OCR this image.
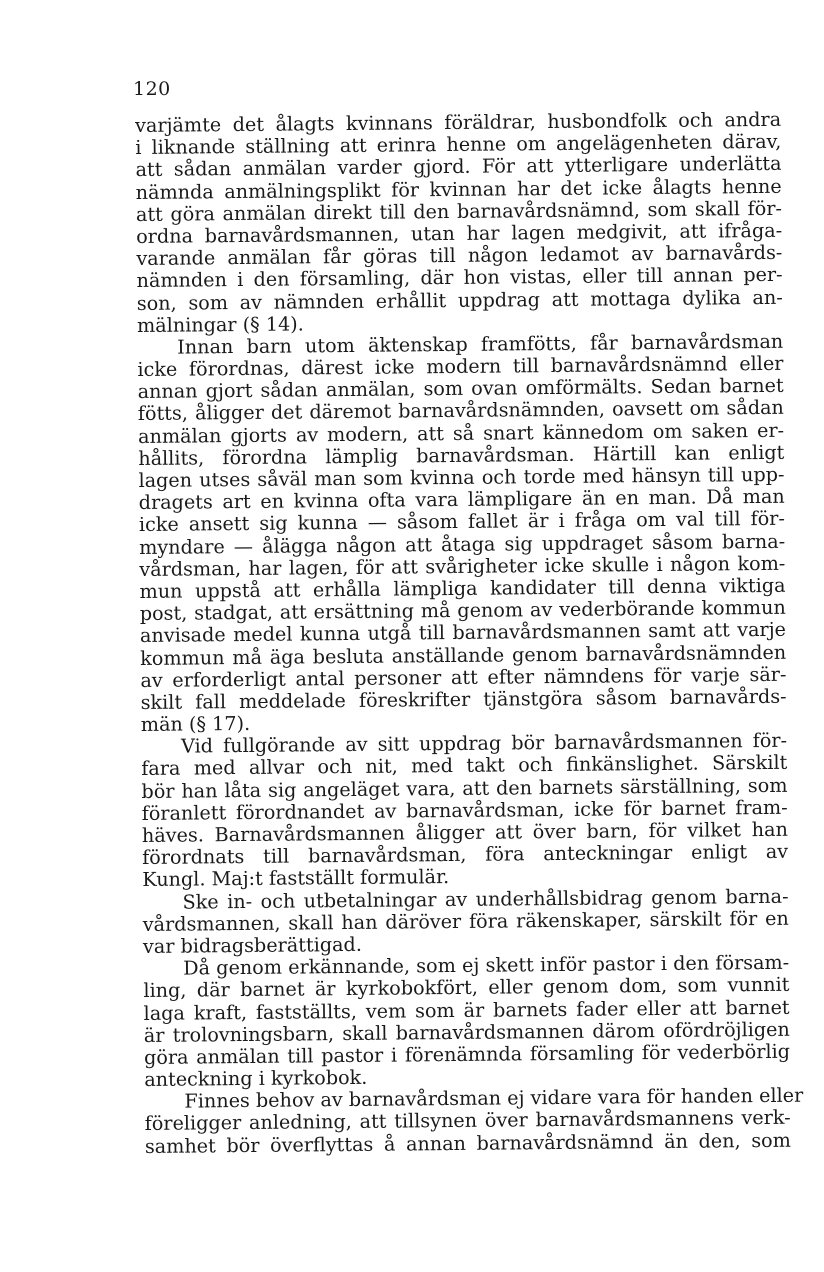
120
varjämte det ålagts kvinnans föräldrar, husbondfolk och andra
i liknande ställning att erinra henne om angelägenheten därav,
att sådan anmälan varder gjord. För att ytterligare underlätta
nämnda anmälningsplikt för kvinnan har det icke ålagts henne
att göra anmälan direkt till den barnavårdsnämnd, som skall för-
ordna barnavårdsmannen, utan har lagen medgivit, att ifråga-
varande anmälan får göras till någon ledamot av barnavårds-
nämnden i den församling, där hon vistas, eller till annan per-
son, som av nämnden erhållit uppdrag att mottaga dylika an-
mälningar (§ 14).
Innan barn utom äktenskap framfötts, får barnavårdsman
icke förordnas, därest icke modern till barnavårdsnämnd eller
annan gjort sådan anmälan, som ovan omförmälts. Sedan barnet
fötts, åligger det däremot barnavårdsnämnden, oavsett om sådan
anmälan gjorts av modern, att så snart kännedom om saken er-
hållits, förordna lämplig barnavårdsman. Härtill kan enligt
lagen utses såväl man som kvinna och torde med hänsyn till upp-
dragets art en kvinna ofta vara lämpligare än en man. Då man
icke ansett sig kunna — såsom fallet är i fråga om val till för-
myndare — ålägga någon att åtaga sig uppdraget såsom barna-
vårdsman, har lagen, för att svårigheter icke skulle i någon kom-
mun uppstå att erhålla lämpliga kandidater till denna viktiga
post, stadgat, att ersättning må genom av vederbörande kommun
anvisade medel kunna utgå till barnavårdsmannen samt att varje
kommun må äga besluta anställande genom barnavårdsnämnden
av erforderligt antal personer att efter nämndens för varje sär-
skilt fall meddelade föreskrifter tjänstgöra såsom barnavårds-
män (§ 17).
Vid fullgörande av sitt uppdrag bör barnavårdsmannen för-
fara med allvar och nit, med takt och finkänslighet. Särskilt
bör han låta sig angeläget vara, att den barnets särställning, som
föranlett förordnandet av barnavårdsman, icke för barnet fram-
häves. Barnavårdsmannen åligger att över barn, för vilket han
förordnats till barnavårdsman, föra anteckningar enligt av
Kungl. Maj:t fastställt formulär.
Ske in- och utbetalningar av underhållsbidrag genom barna-
vårdsmannen, skall han däröver föra räkenskaper, särskilt för en
var bidragsberättigad.
Då genom erkännande, som ej skett inför pastor i den försam-
ling, där barnet är kyrkobokfört, eller genom dom, som vunnit
laga kraft, fastställts, vem som är barnets fader eller att barnet
är trolovningsbarn, skall barnavårdsmannen därom ofördröjligen
göra anmälan till pastor i förenämnda församling för vederbörlig
anteckning i kyrkobok.
Finnes behov av barnavårdsman ej vidare vara för handen eller
föreligger anledning, att tillsynen över barnavårdsmannens verk-
samhet bör överflyttas å annan barnavårdsnämnd än den, som
